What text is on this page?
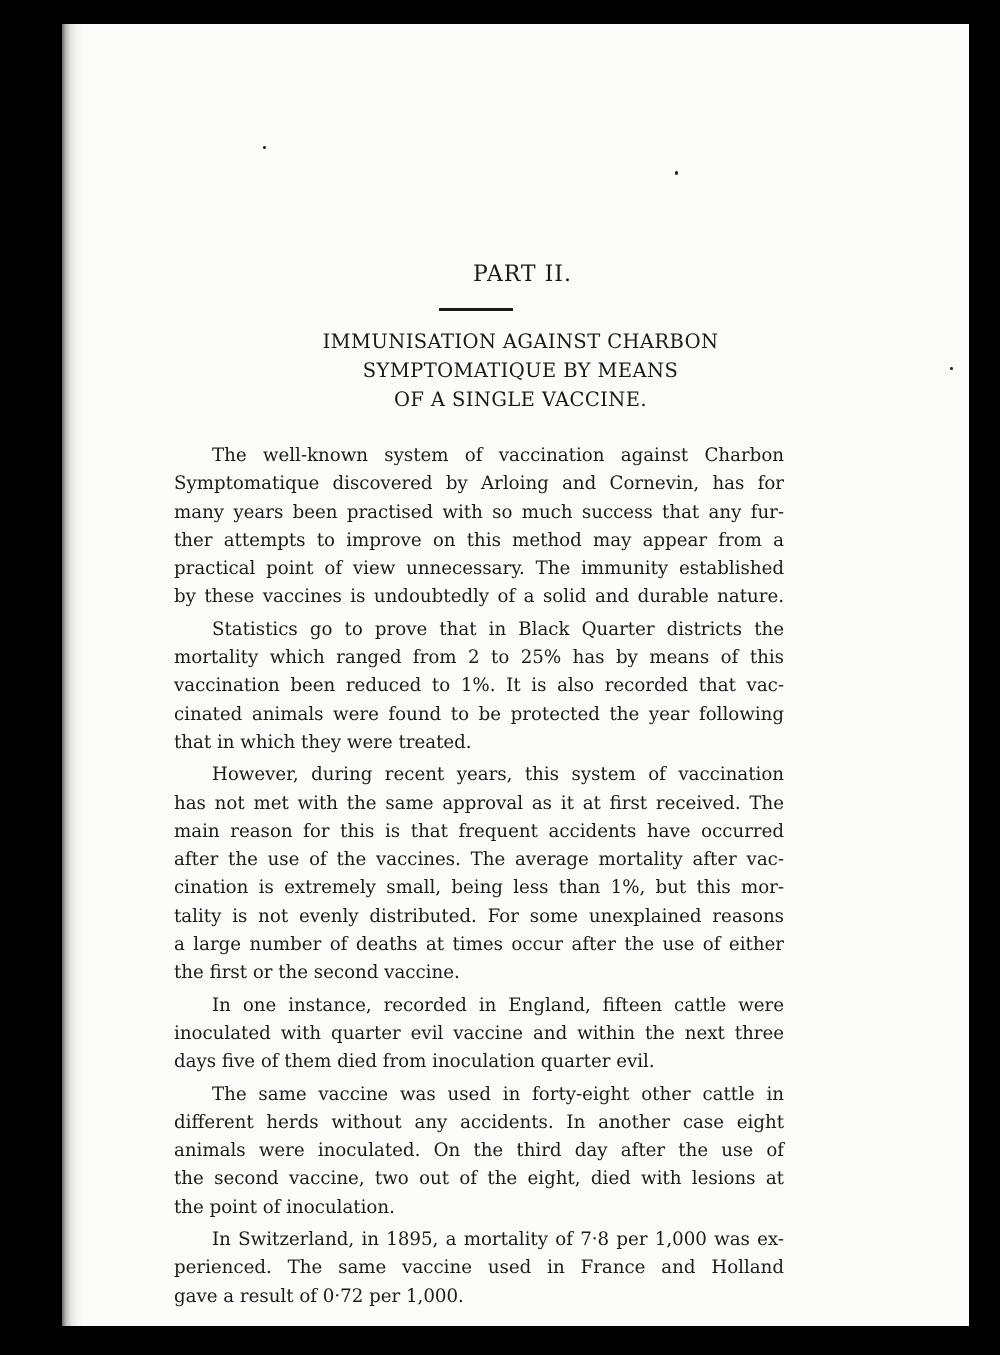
PART II.
IMMUNISATION AGAINST CHARBON
SYMPTOMATIQUE BY MEANS
OF A SINGLE VACCINE.
The well-known system of vaccination against Charbon
Symptomatique discovered by Arloing and Cornevin, has for
many years been practised with so much success that any fur-
ther attempts to improve on this method may appear from a
practical point of view unnecessary. The immunity established
by these vaccines is undoubtedly of a solid and durable nature.
Statistics go to prove that in Black Quarter districts the
mortality which ranged from 2 to 25% has by means of this
vaccination been reduced to 1%. It is also recorded that vac-
cinated animals were found to be protected the year following
that in which they were treated.
However, during recent years, this system of vaccination
has not met with the same approval as it at first received. The
main reason for this is that frequent accidents have occurred
after the use of the vaccines. The average mortality after vac-
cination is extremely small, being less than 1%, but this mor-
tality is not evenly distributed. For some unexplained reasons
a large number of deaths at times occur after the use of either
the first or the second vaccine.
In one instance, recorded in England, fifteen cattle were
inoculated with quarter evil vaccine and within the next three
days five of them died from inoculation quarter evil.
The same vaccine was used in forty-eight other cattle in
different herds without any accidents. In another case eight
animals were inoculated. On the third day after the use of
the second vaccine, two out of the eight, died with lesions at
the point of inoculation.
In Switzerland, in 1895, a mortality of 7·8 per 1,000 was ex-
perienced. The same vaccine used in France and Holland
gave a result of 0·72 per 1,000.
